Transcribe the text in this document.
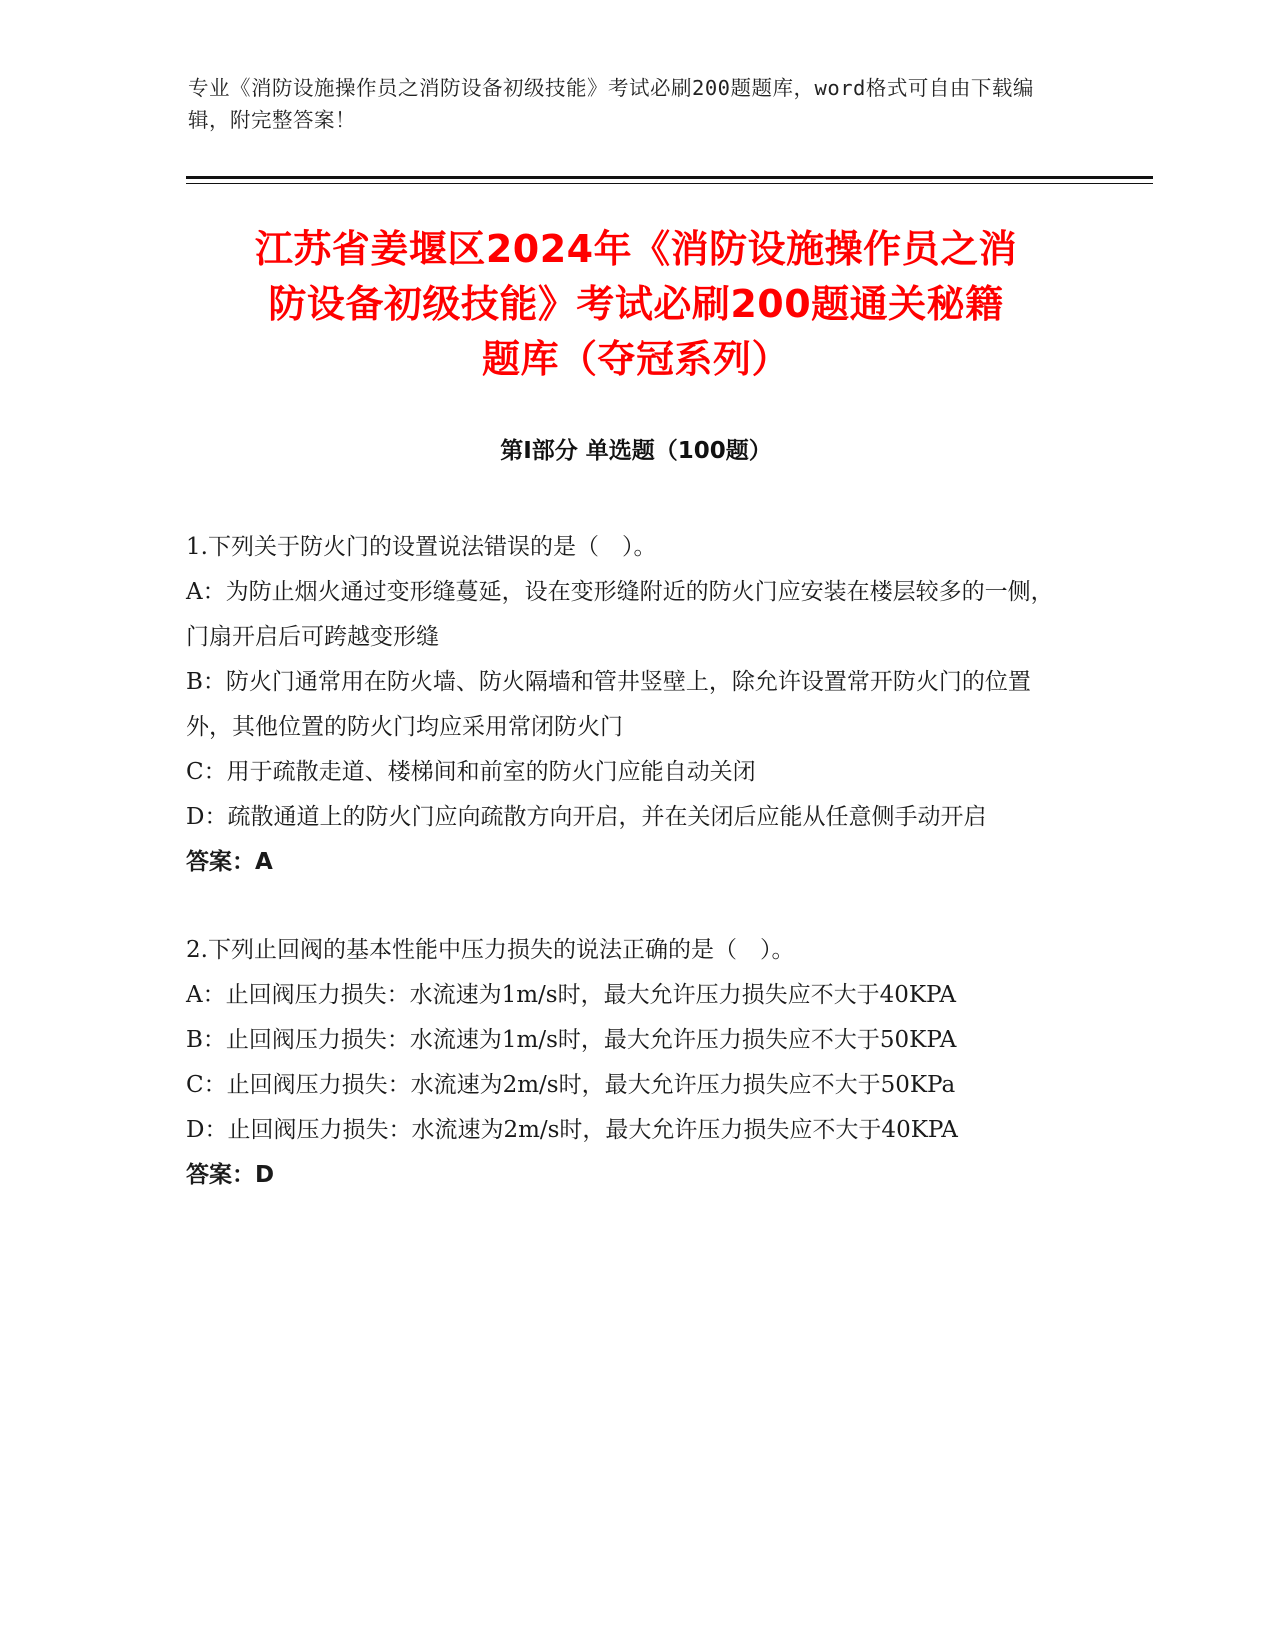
专业《消防设施操作员之消防设备初级技能》考试必刷200题题库，word格式可自由下载编辑，附完整答案！
江苏省姜堰区2024年《消防设施操作员之消
防设备初级技能》考试必刷200题通关秘籍
题库（夺冠系列）
第I部分 单选题（100题）

1.下列关于防火门的设置说法错误的是（　）。

A：为防止烟火通过变形缝蔓延，设在变形缝附近的防火门应安装在楼层较多的一侧，门扇开启后可跨越变形缝

B：防火门通常用在防火墙、防火隔墙和管井竖壁上，除允许设置常开防火门的位置外，其他位置的防火门均应采用常闭防火门

C：用于疏散走道、楼梯间和前室的防火门应能自动关闭

D：疏散通道上的防火门应向疏散方向开启，并在关闭后应能从任意侧手动开启

答案：A

2.下列止回阀的基本性能中压力损失的说法正确的是（　）。

A：止回阀压力损失：水流速为1m/s时，最大允许压力损失应不大于40KPA

B：止回阀压力损失：水流速为1m/s时，最大允许压力损失应不大于50KPA

C：止回阀压力损失：水流速为2m/s时，最大允许压力损失应不大于50KPa

D：止回阀压力损失：水流速为2m/s时，最大允许压力损失应不大于40KPA

答案：D
